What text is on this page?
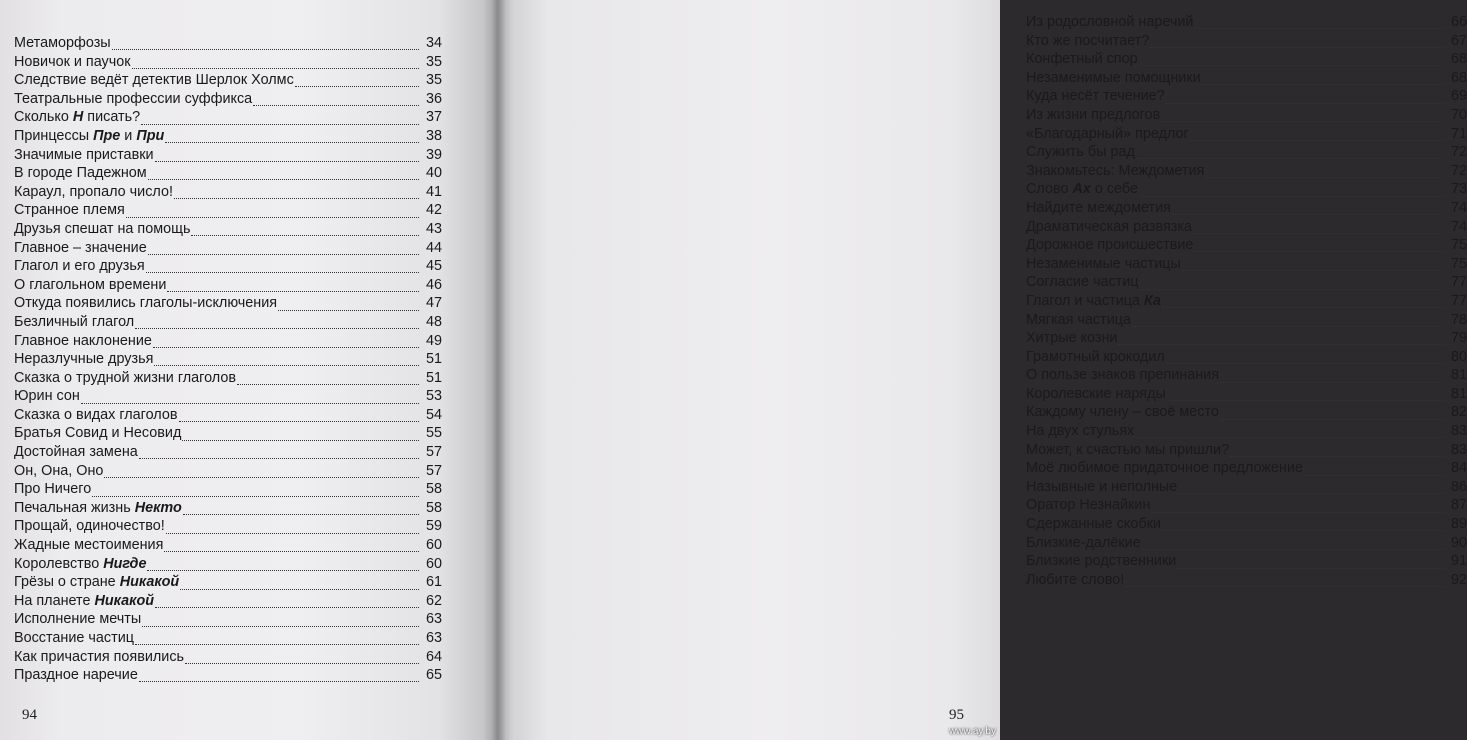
Метаморфозы	34
Новичок и паучок	35
Следствие ведёт детектив Шерлок Холмс	35
Театральные профессии суффикса	36
Сколько Н писать?	37
Принцессы Пре и При	38
Значимые приставки	39
В городе Падежном	40
Караул, пропало число!	41
Странное племя	42
Друзья спешат на помощь	43
Главное – значение	44
Глагол и его друзья	45
О глагольном времени	46
Откуда появились глаголы-исключения	47
Безличный глагол	48
Главное наклонение	49
Неразлучные друзья	51
Сказка о трудной жизни глаголов	51
Юрин сон	53
Сказка о видах глаголов	54
Братья Совид и Несовид	55
Достойная замена	57
Он, Она, Оно	57
Про Ничего	58
Печальная жизнь Некто	58
Прощай, одиночество!	59
Жадные местоимения	60
Королевство Нигде	60
Грёзы о стране Никакой	61
На планете Никакой	62
Исполнение мечты	63
Восстание частиц	63
Как причастия появились	64
Праздное наречие	65
94
Из родословной наречий	66
Кто же посчитает?	67
Конфетный спор	68
Незаменимые помощники	68
Куда несёт течение?	69
Из жизни предлогов	70
«Благодарный» предлог	71
Служить бы рад	72
Знакомьтесь: Междометия	72
Слово Ах о себе	73
Найдите междометия	74
Драматическая развязка	74
Дорожное происшествие	75
Незаменимые частицы	75
Согласие частиц	77
Глагол и частица Ка	77
Мягкая частица	78
Хитрые козни	79
Грамотный крокодил	80
О пользе знаков препинания	81
Королевские наряды	81
Каждому члену – своё место	82
На двух стульях	83
Может, к счастью мы пришли?	83
Моё любимое придаточное предложение	84
Назывные и неполные	86
Оратор Незнайкин	87
Сдержанные скобки	89
Близкие-далёкие	90
Близкие родственники	91
Любите слово!	92
95
www.ay.by
